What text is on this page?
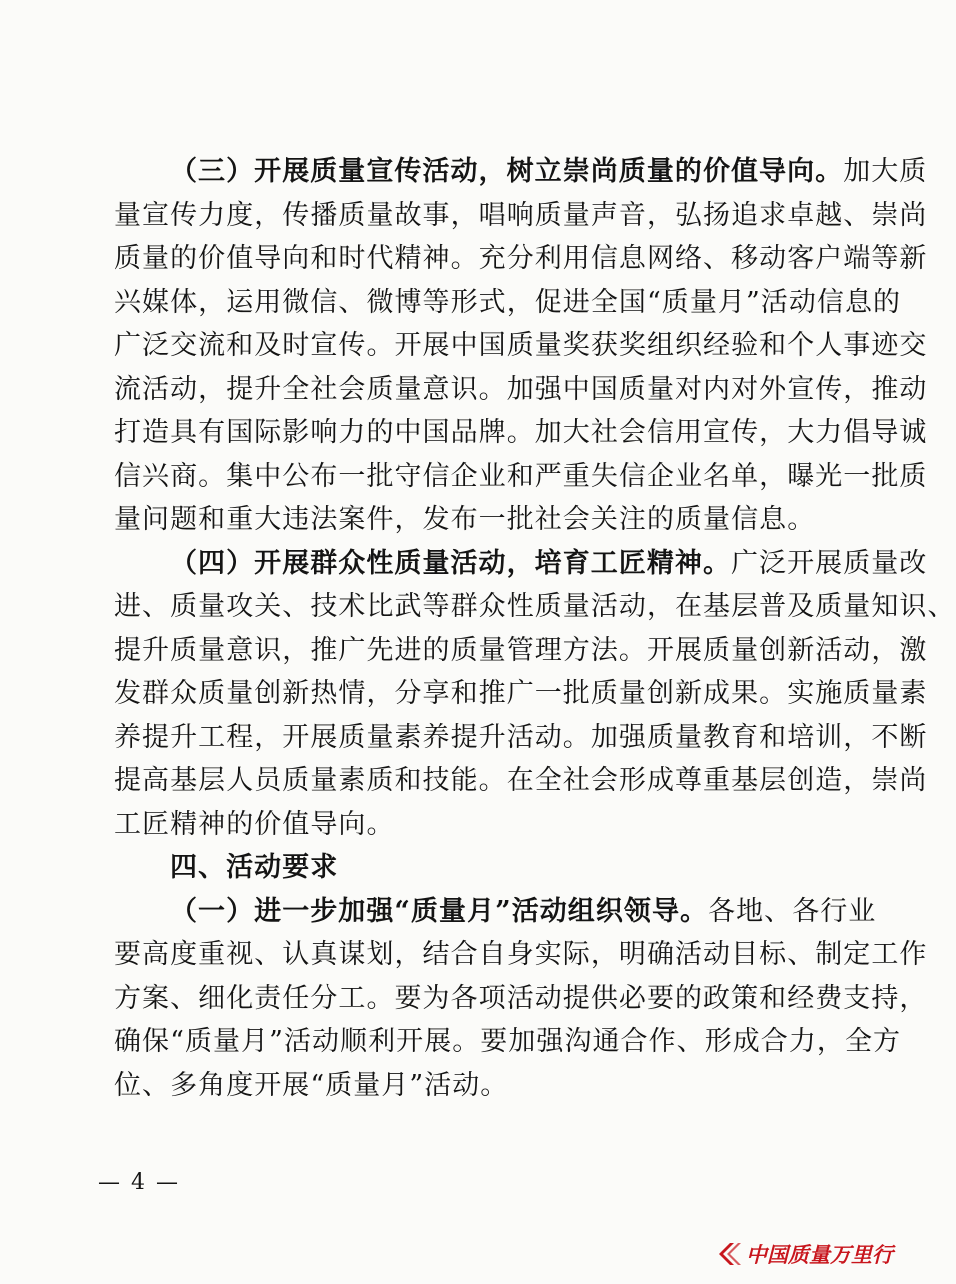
（三）开展质量宣传活动，树立崇尚质量的价值导向。加大质
量宣传力度，传播质量故事，唱响质量声音，弘扬追求卓越、崇尚
质量的价值导向和时代精神。充分利用信息网络、移动客户端等新
兴媒体，运用微信、微博等形式，促进全国“质量月”活动信息的
广泛交流和及时宣传。开展中国质量奖获奖组织经验和个人事迹交
流活动，提升全社会质量意识。加强中国质量对内对外宣传，推动
打造具有国际影响力的中国品牌。加大社会信用宣传，大力倡导诚
信兴商。集中公布一批守信企业和严重失信企业名单，曝光一批质
量问题和重大违法案件，发布一批社会关注的质量信息。
（四）开展群众性质量活动，培育工匠精神。广泛开展质量改
进、质量攻关、技术比武等群众性质量活动，在基层普及质量知识、
提升质量意识，推广先进的质量管理方法。开展质量创新活动，激
发群众质量创新热情，分享和推广一批质量创新成果。实施质量素
养提升工程，开展质量素养提升活动。加强质量教育和培训，不断
提高基层人员质量素质和技能。在全社会形成尊重基层创造，崇尚
工匠精神的价值导向。
四、活动要求
（一）进一步加强“质量月”活动组织领导。各地、各行业
要高度重视、认真谋划，结合自身实际，明确活动目标、制定工作
方案、细化责任分工。要为各项活动提供必要的政策和经费支持，
确保“质量月”活动顺利开展。要加强沟通合作、形成合力，全方
位、多角度开展“质量月”活动。
— 4 —
中国质量万里行
